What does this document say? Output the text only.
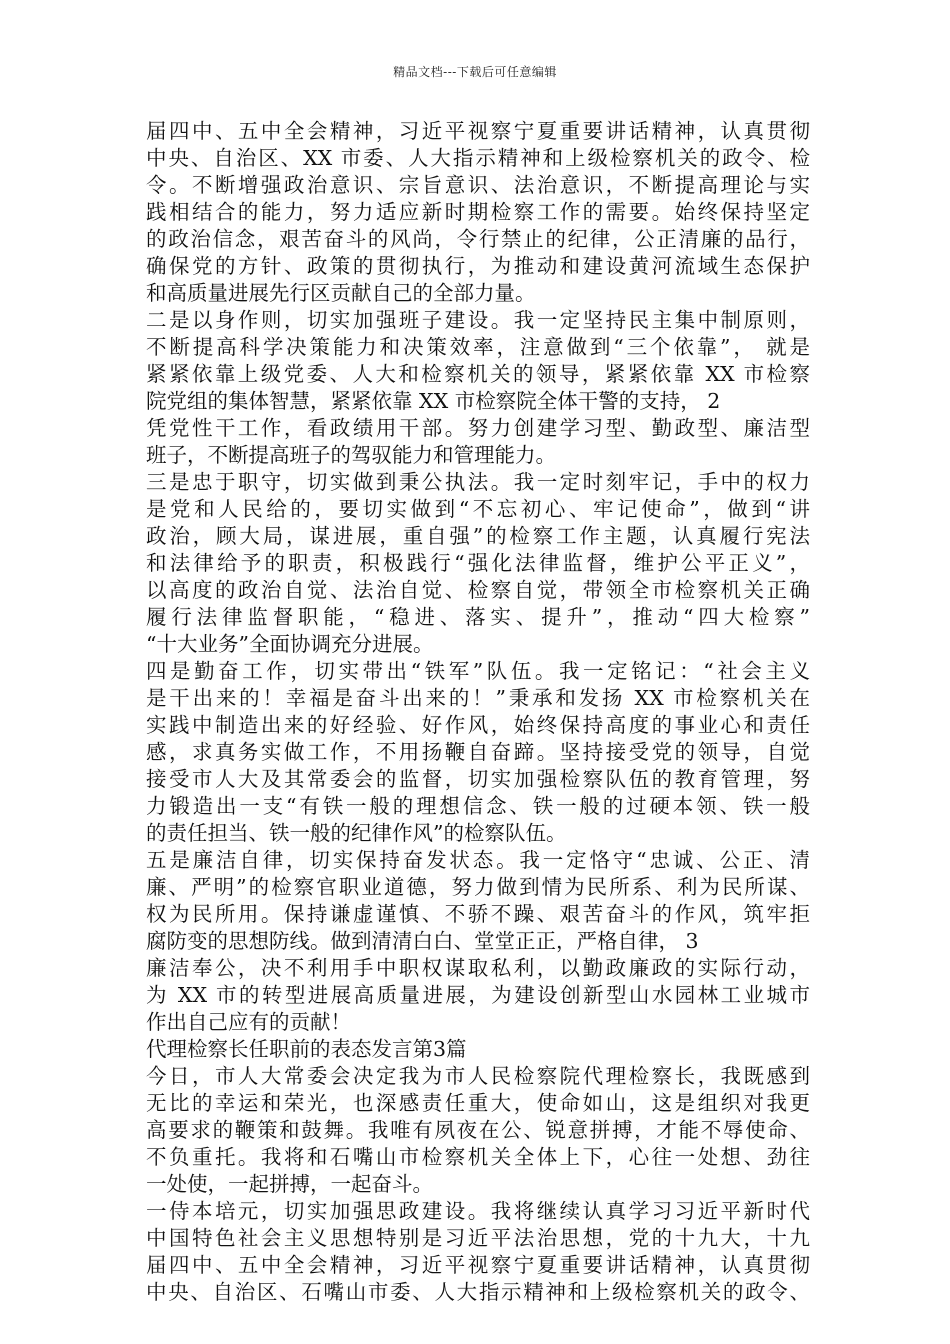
精品文档---下载后可任意编辑
届四中、五中全会精神，习近平视察宁夏重要讲话精神，认真贯彻
中央、自治区、XX 市委、人大指示精神和上级检察机关的政令、检
令。不断增强政治意识、宗旨意识、法治意识，不断提高理论与实
践相结合的能力，努力适应新时期检察工作的需要。始终保持坚定
的政治信念，艰苦奋斗的风尚，令行禁止的纪律，公正清廉的品行，
确保党的方针、政策的贯彻执行，为推动和建设黄河流域生态保护
和高质量进展先行区贡献自己的全部力量。
二是以身作则，切实加强班子建设。我一定坚持民主集中制原则，
不断提高科学决策能力和决策效率，注意做到“三个依靠”， 就是
紧紧依靠上级党委、人大和检察机关的领导，紧紧依靠 XX 市检察
院党组的集体智慧，紧紧依靠 XX 市检察院全体干警的支持， 2
凭党性干工作，看政绩用干部。努力创建学习型、勤政型、廉洁型
班子，不断提高班子的驾驭能力和管理能力。
三是忠于职守，切实做到秉公执法。我一定时刻牢记，手中的权力
是党和人民给的，要切实做到“不忘初心、牢记使命”，做到“讲
政治，顾大局，谋进展，重自强”的检察工作主题，认真履行宪法
和法律给予的职责，积极践行“强化法律监督，维护公平正义”，
以高度的政治自觉、法治自觉、检察自觉，带领全市检察机关正确
履行法律监督职能，“稳进、落实、提升”，推动“四大检察”
“十大业务”全面协调充分进展。
四是勤奋工作，切实带出“铁军”队伍。我一定铭记：“社会主义
是干出来的！幸福是奋斗出来的！”秉承和发扬 XX 市检察机关在
实践中制造出来的好经验、好作风，始终保持高度的事业心和责任
感，求真务实做工作，不用扬鞭自奋蹄。坚持接受党的领导，自觉
接受市人大及其常委会的监督，切实加强检察队伍的教育管理，努
力锻造出一支“有铁一般的理想信念、铁一般的过硬本领、铁一般
的责任担当、铁一般的纪律作风”的检察队伍。
五是廉洁自律，切实保持奋发状态。我一定恪守“忠诚、公正、清
廉、严明”的检察官职业道德，努力做到情为民所系、利为民所谋、
权为民所用。保持谦虚谨慎、不骄不躁、艰苦奋斗的作风，筑牢拒
腐防变的思想防线。做到清清白白、堂堂正正，严格自律， 3
廉洁奉公，决不利用手中职权谋取私利，以勤政廉政的实际行动，
为 XX 市的转型进展高质量进展，为建设创新型山水园林工业城市
作出自己应有的贡献！
代理检察长任职前的表态发言第3篇
今日，市人大常委会决定我为市人民检察院代理检察长，我既感到
无比的幸运和荣光，也深感责任重大，使命如山，这是组织对我更
高要求的鞭策和鼓舞。我唯有夙夜在公、锐意拼搏，才能不辱使命、
不负重托。我将和石嘴山市检察机关全体上下，心往一处想、劲往
一处使，一起拼搏，一起奋斗。
一侍本培元，切实加强思政建设。我将继续认真学习习近平新时代
中国特色社会主义思想特别是习近平法治思想，党的十九大，十九
届四中、五中全会精神，习近平视察宁夏重要讲话精神，认真贯彻
中央、自治区、石嘴山市委、人大指示精神和上级检察机关的政令、
